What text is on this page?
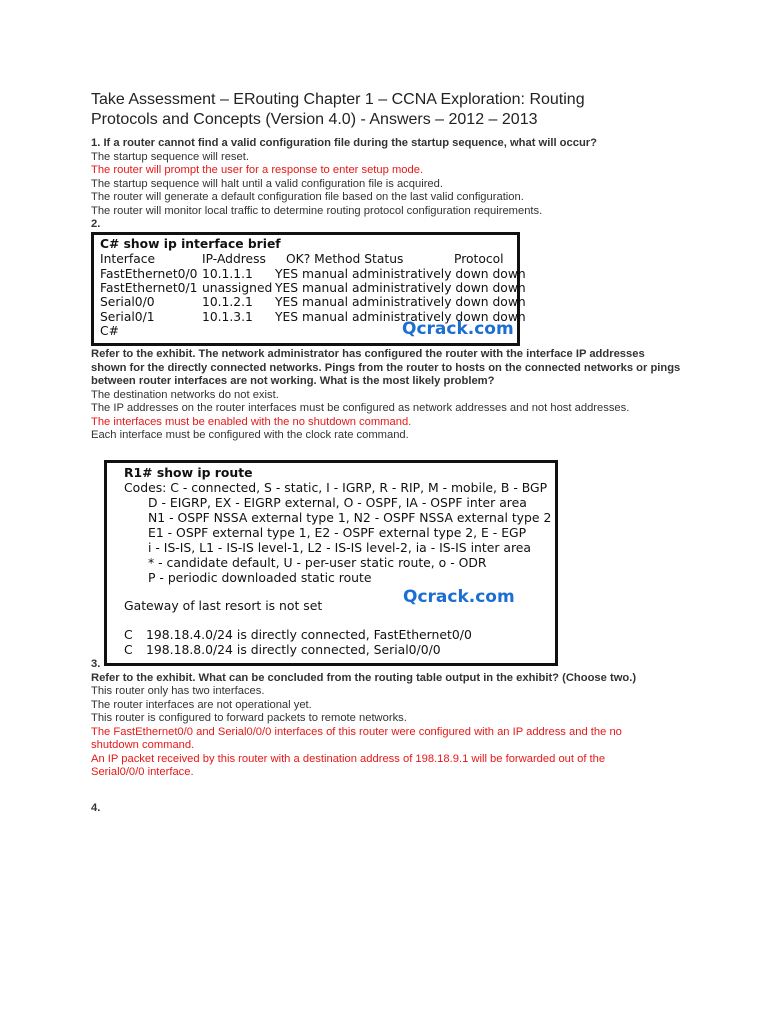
Take Assessment – ERouting Chapter 1 – CCNA Exploration: Routing Protocols and Concepts (Version 4.0) - Answers – 2012 – 2013

1. If a router cannot find a valid configuration file during the startup sequence, what will occur?

The startup sequence will reset.

The router will prompt the user for a response to enter setup mode.

The startup sequence will halt until a valid configuration file is acquired.

The router will generate a default configuration file based on the last valid configuration.

The router will monitor local traffic to determine routing protocol configuration requirements.

2.

C# show ip interface brief
Interface	IP-Address OK? Method Status	Protocol
FastEthernet0/0 10.1.1.1 YES manual administratively down down
FastEthernet0/1 unassigned YES manual administratively down down
Serial0/0	10.1.2.1 YES manual administratively down down
Serial0/1	10.1.3.1 YES manual administratively down down
C#	Qcrack.com

Refer to the exhibit. The network administrator has configured the router with the interface IP addresses shown for the directly connected networks. Pings from the router to hosts on the connected networks or pings between router interfaces are not working. What is the most likely problem?

The destination networks do not exist.

The IP addresses on the router interfaces must be configured as network addresses and not host addresses.

The interfaces must be enabled with the no shutdown command.

Each interface must be configured with the clock rate command.

R1# show ip route
Codes: C - connected, S - static, I - IGRP, R - RIP, M - mobile, B - BGP
D - EIGRP, EX - EIGRP external, O - OSPF, IA - OSPF inter area
N1 - OSPF NSSA external type 1, N2 - OSPF NSSA external type 2
E1 - OSPF external type 1, E2 - OSPF external type 2, E - EGP
i - IS-IS, L1 - IS-IS level-1, L2 - IS-IS level-2, ia - IS-IS inter area
* - candidate default, U - per-user static route, o - ODR
P - periodic downloaded static route
Qcrack.com
Gateway of last resort is not set
C 198.18.4.0/24 is directly connected, FastEthernet0/0
C 198.18.8.0/24 is directly connected, Serial0/0/0

3.

Refer to the exhibit. What can be concluded from the routing table output in the exhibit? (Choose two.)

This router only has two interfaces.

The router interfaces are not operational yet.

This router is configured to forward packets to remote networks.

The FastEthernet0/0 and Serial0/0/0 interfaces of this router were configured with an IP address and the no shutdown command.

An IP packet received by this router with a destination address of 198.18.9.1 will be forwarded out of the Serial0/0/0 interface.

4.
